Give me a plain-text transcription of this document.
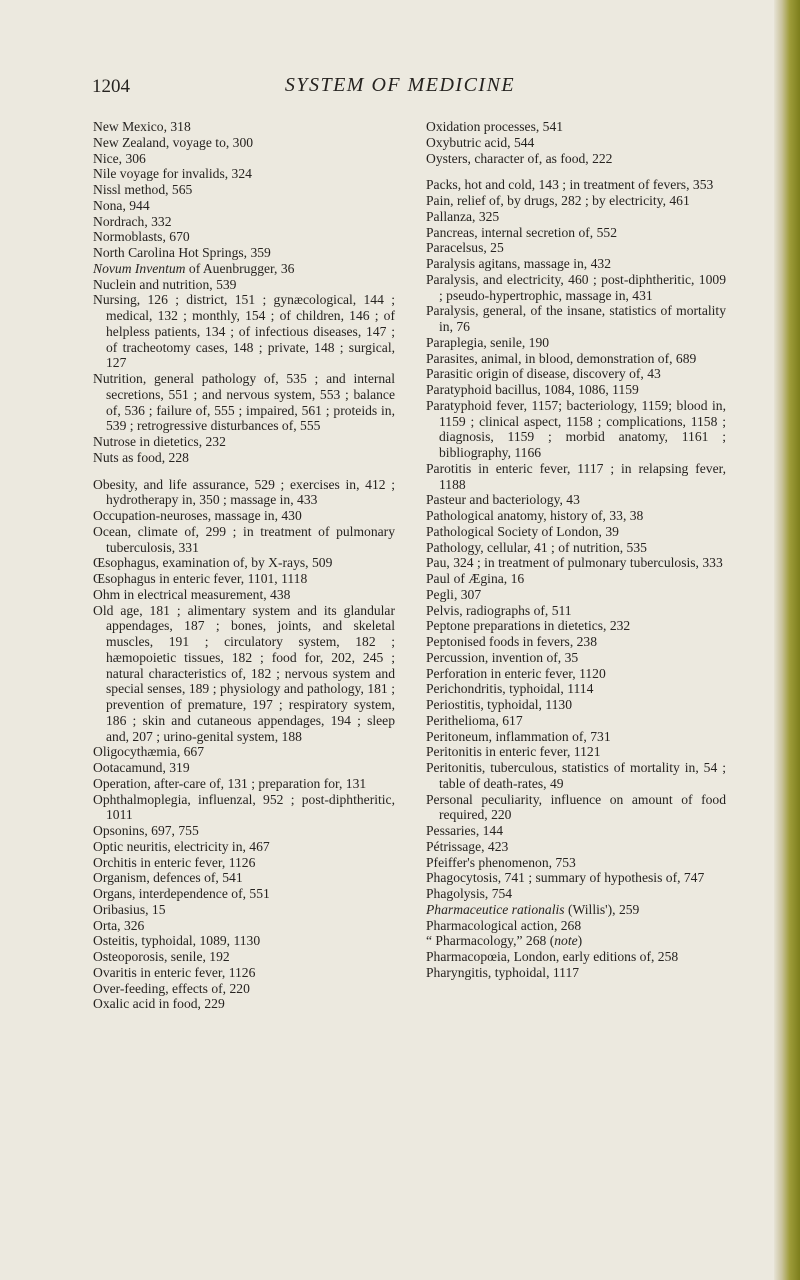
1204	SYSTEM OF MEDICINE
New Mexico, 318
New Zealand, voyage to, 300
Nice, 306
Nile voyage for invalids, 324
Nissl method, 565
Nona, 944
Nordrach, 332
Normoblasts, 670
North Carolina Hot Springs, 359
Novum Inventum of Auenbrugger, 36
Nuclein and nutrition, 539
Nursing, 126 ; district, 151 ; gynæcological, 144 ; medical, 132 ; monthly, 154 ; of children, 146 ; of helpless patients, 134 ; of infectious diseases, 147 ; of tracheotomy cases, 148 ; private, 148 ; surgical, 127
Nutrition, general pathology of, 535 ; and internal secretions, 551 ; and nervous system, 553 ; balance of, 536 ; failure of, 555 ; impaired, 561 ; proteids in, 539 ; retrogressive disturbances of, 555
Nutrose in dietetics, 232
Nuts as food, 228
Obesity, and life assurance, 529 ; exercises in, 412 ; hydrotherapy in, 350 ; massage in, 433
Occupation-neuroses, massage in, 430
Ocean, climate of, 299 ; in treatment of pulmonary tuberculosis, 331
Œsophagus, examination of, by X-rays, 509
Œsophagus in enteric fever, 1101, 1118
Ohm in electrical measurement, 438
Old age, 181 ; alimentary system and its glandular appendages, 187 ; bones, joints, and skeletal muscles, 191 ; circulatory system, 182 ; hæmopoietic tissues, 182 ; food for, 202, 245 ; natural characteristics of, 182 ; nervous system and special senses, 189 ; physiology and pathology, 181 ; prevention of premature, 197 ; respiratory system, 186 ; skin and cutaneous appendages, 194 ; sleep and, 207 ; urino-genital system, 188
Oligocythæmia, 667
Ootacamund, 319
Operation, after-care of, 131 ; preparation for, 131
Ophthalmoplegia, influenzal, 952 ; post-diphtheritic, 1011
Opsonins, 697, 755
Optic neuritis, electricity in, 467
Orchitis in enteric fever, 1126
Organism, defences of, 541
Organs, interdependence of, 551
Oribasius, 15
Orta, 326
Osteitis, typhoidal, 1089, 1130
Osteoporosis, senile, 192
Ovaritis in enteric fever, 1126
Over-feeding, effects of, 220
Oxalic acid in food, 229
Oxidation processes, 541
Oxybutric acid, 544
Oysters, character of, as food, 222
Packs, hot and cold, 143 ; in treatment of fevers, 353
Pain, relief of, by drugs, 282 ; by electricity, 461
Pallanza, 325
Pancreas, internal secretion of, 552
Paracelsus, 25
Paralysis agitans, massage in, 432
Paralysis, and electricity, 460 ; post-diphtheritic, 1009 ; pseudo-hypertrophic, massage in, 431
Paralysis, general, of the insane, statistics of mortality in, 76
Paraplegia, senile, 190
Parasites, animal, in blood, demonstration of, 689
Parasitic origin of disease, discovery of, 43
Paratyphoid bacillus, 1084, 1086, 1159
Paratyphoid fever, 1157; bacteriology, 1159; blood in, 1159 ; clinical aspect, 1158 ; complications, 1158 ; diagnosis, 1159 ; morbid anatomy, 1161 ; bibliography, 1166
Parotitis in enteric fever, 1117 ; in relapsing fever, 1188
Pasteur and bacteriology, 43
Pathological anatomy, history of, 33, 38
Pathological Society of London, 39
Pathology, cellular, 41 ; of nutrition, 535
Pau, 324 ; in treatment of pulmonary tuberculosis, 333
Paul of Ægina, 16
Pegli, 307
Pelvis, radiographs of, 511
Peptone preparations in dietetics, 232
Peptonised foods in fevers, 238
Percussion, invention of, 35
Perforation in enteric fever, 1120
Perichondritis, typhoidal, 1114
Periostitis, typhoidal, 1130
Perithelioma, 617
Peritoneum, inflammation of, 731
Peritonitis in enteric fever, 1121
Peritonitis, tuberculous, statistics of mortality in, 54 ; table of death-rates, 49
Personal peculiarity, influence on amount of food required, 220
Pessaries, 144
Pétrissage, 423
Pfeiffer's phenomenon, 753
Phagocytosis, 741 ; summary of hypothesis of, 747
Phagolysis, 754
Pharmaceutice rationalis (Willis'), 259
Pharmacological action, 268
“ Pharmacology,” 268 (note)
Pharmacopœia, London, early editions of, 258
Pharyngitis, typhoidal, 1117
